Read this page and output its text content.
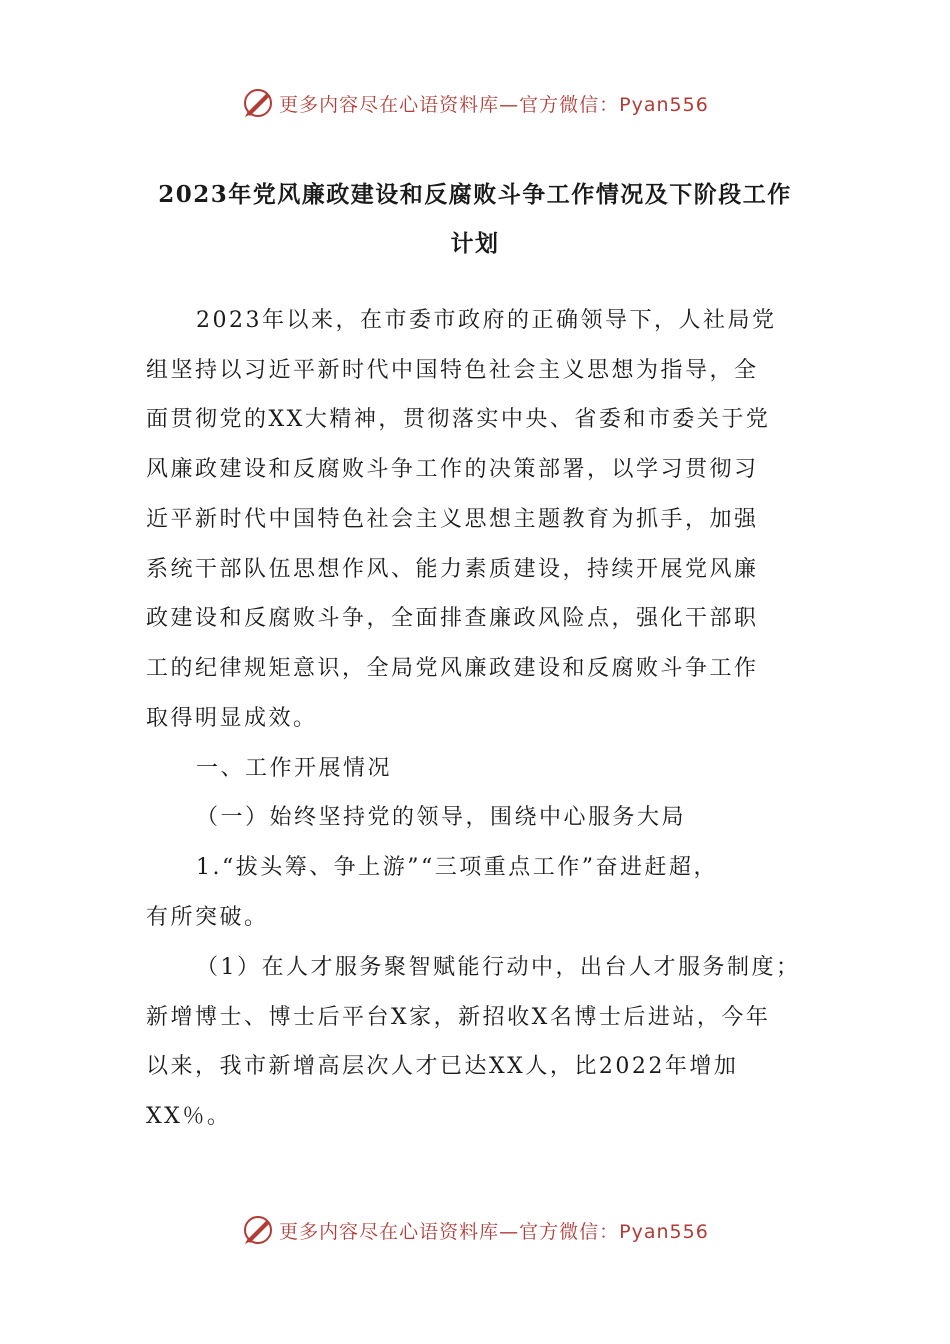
更多内容尽在心语资料库—官方微信：Pyan556
2023年党风廉政建设和反腐败斗争工作情况及下阶段工作
计划

2023年以来，在市委市政府的正确领导下，人社局党

组坚持以习近平新时代中国特色社会主义思想为指导，全

面贯彻党的XX大精神，贯彻落实中央、省委和市委关于党

风廉政建设和反腐败斗争工作的决策部署，以学习贯彻习

近平新时代中国特色社会主义思想主题教育为抓手，加强

系统干部队伍思想作风、能力素质建设，持续开展党风廉

政建设和反腐败斗争，全面排查廉政风险点，强化干部职

工的纪律规矩意识，全局党风廉政建设和反腐败斗争工作

取得明显成效。

一、工作开展情况

（一）始终坚持党的领导，围绕中心服务大局

1.“拔头筹、争上游”“三项重点工作”奋进赶超，

有所突破。

（1）在人才服务聚智赋能行动中，出台人才服务制度；

新增博士、博士后平台X家，新招收X名博士后进站，今年

以来，我市新增高层次人才已达XX人，比2022年增加

XX％。

更多内容尽在心语资料库—官方微信：Pyan556
